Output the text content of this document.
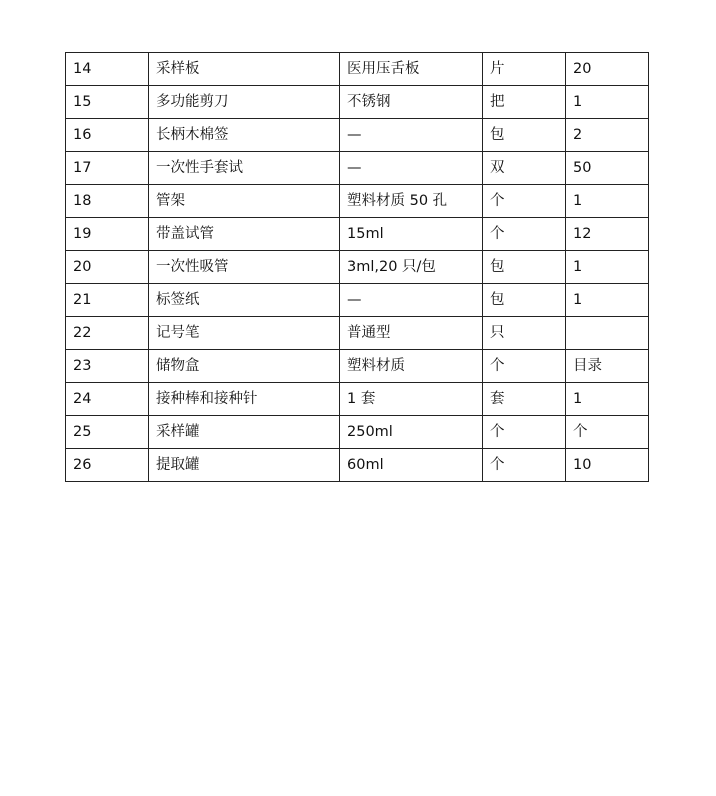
14	采样板	医用压舌板	片	20
15	多功能剪刀	不锈钢	把	1
16	长柄木棉签	—	包	2
17	一次性手套试	—	双	50
18	管架	塑料材质 50 孔	个	1
19	带盖试管	15ml	个	12
20	一次性吸管	3ml,20 只/包	包	1
21	标签纸	—	包	1
22	记号笔	普通型	只	
23	储物盒	塑料材质	个	目录
24	接种棒和接种针	1 套	套	1
25	采样罐	250ml	个	个
26	提取罐	60ml	个	10
